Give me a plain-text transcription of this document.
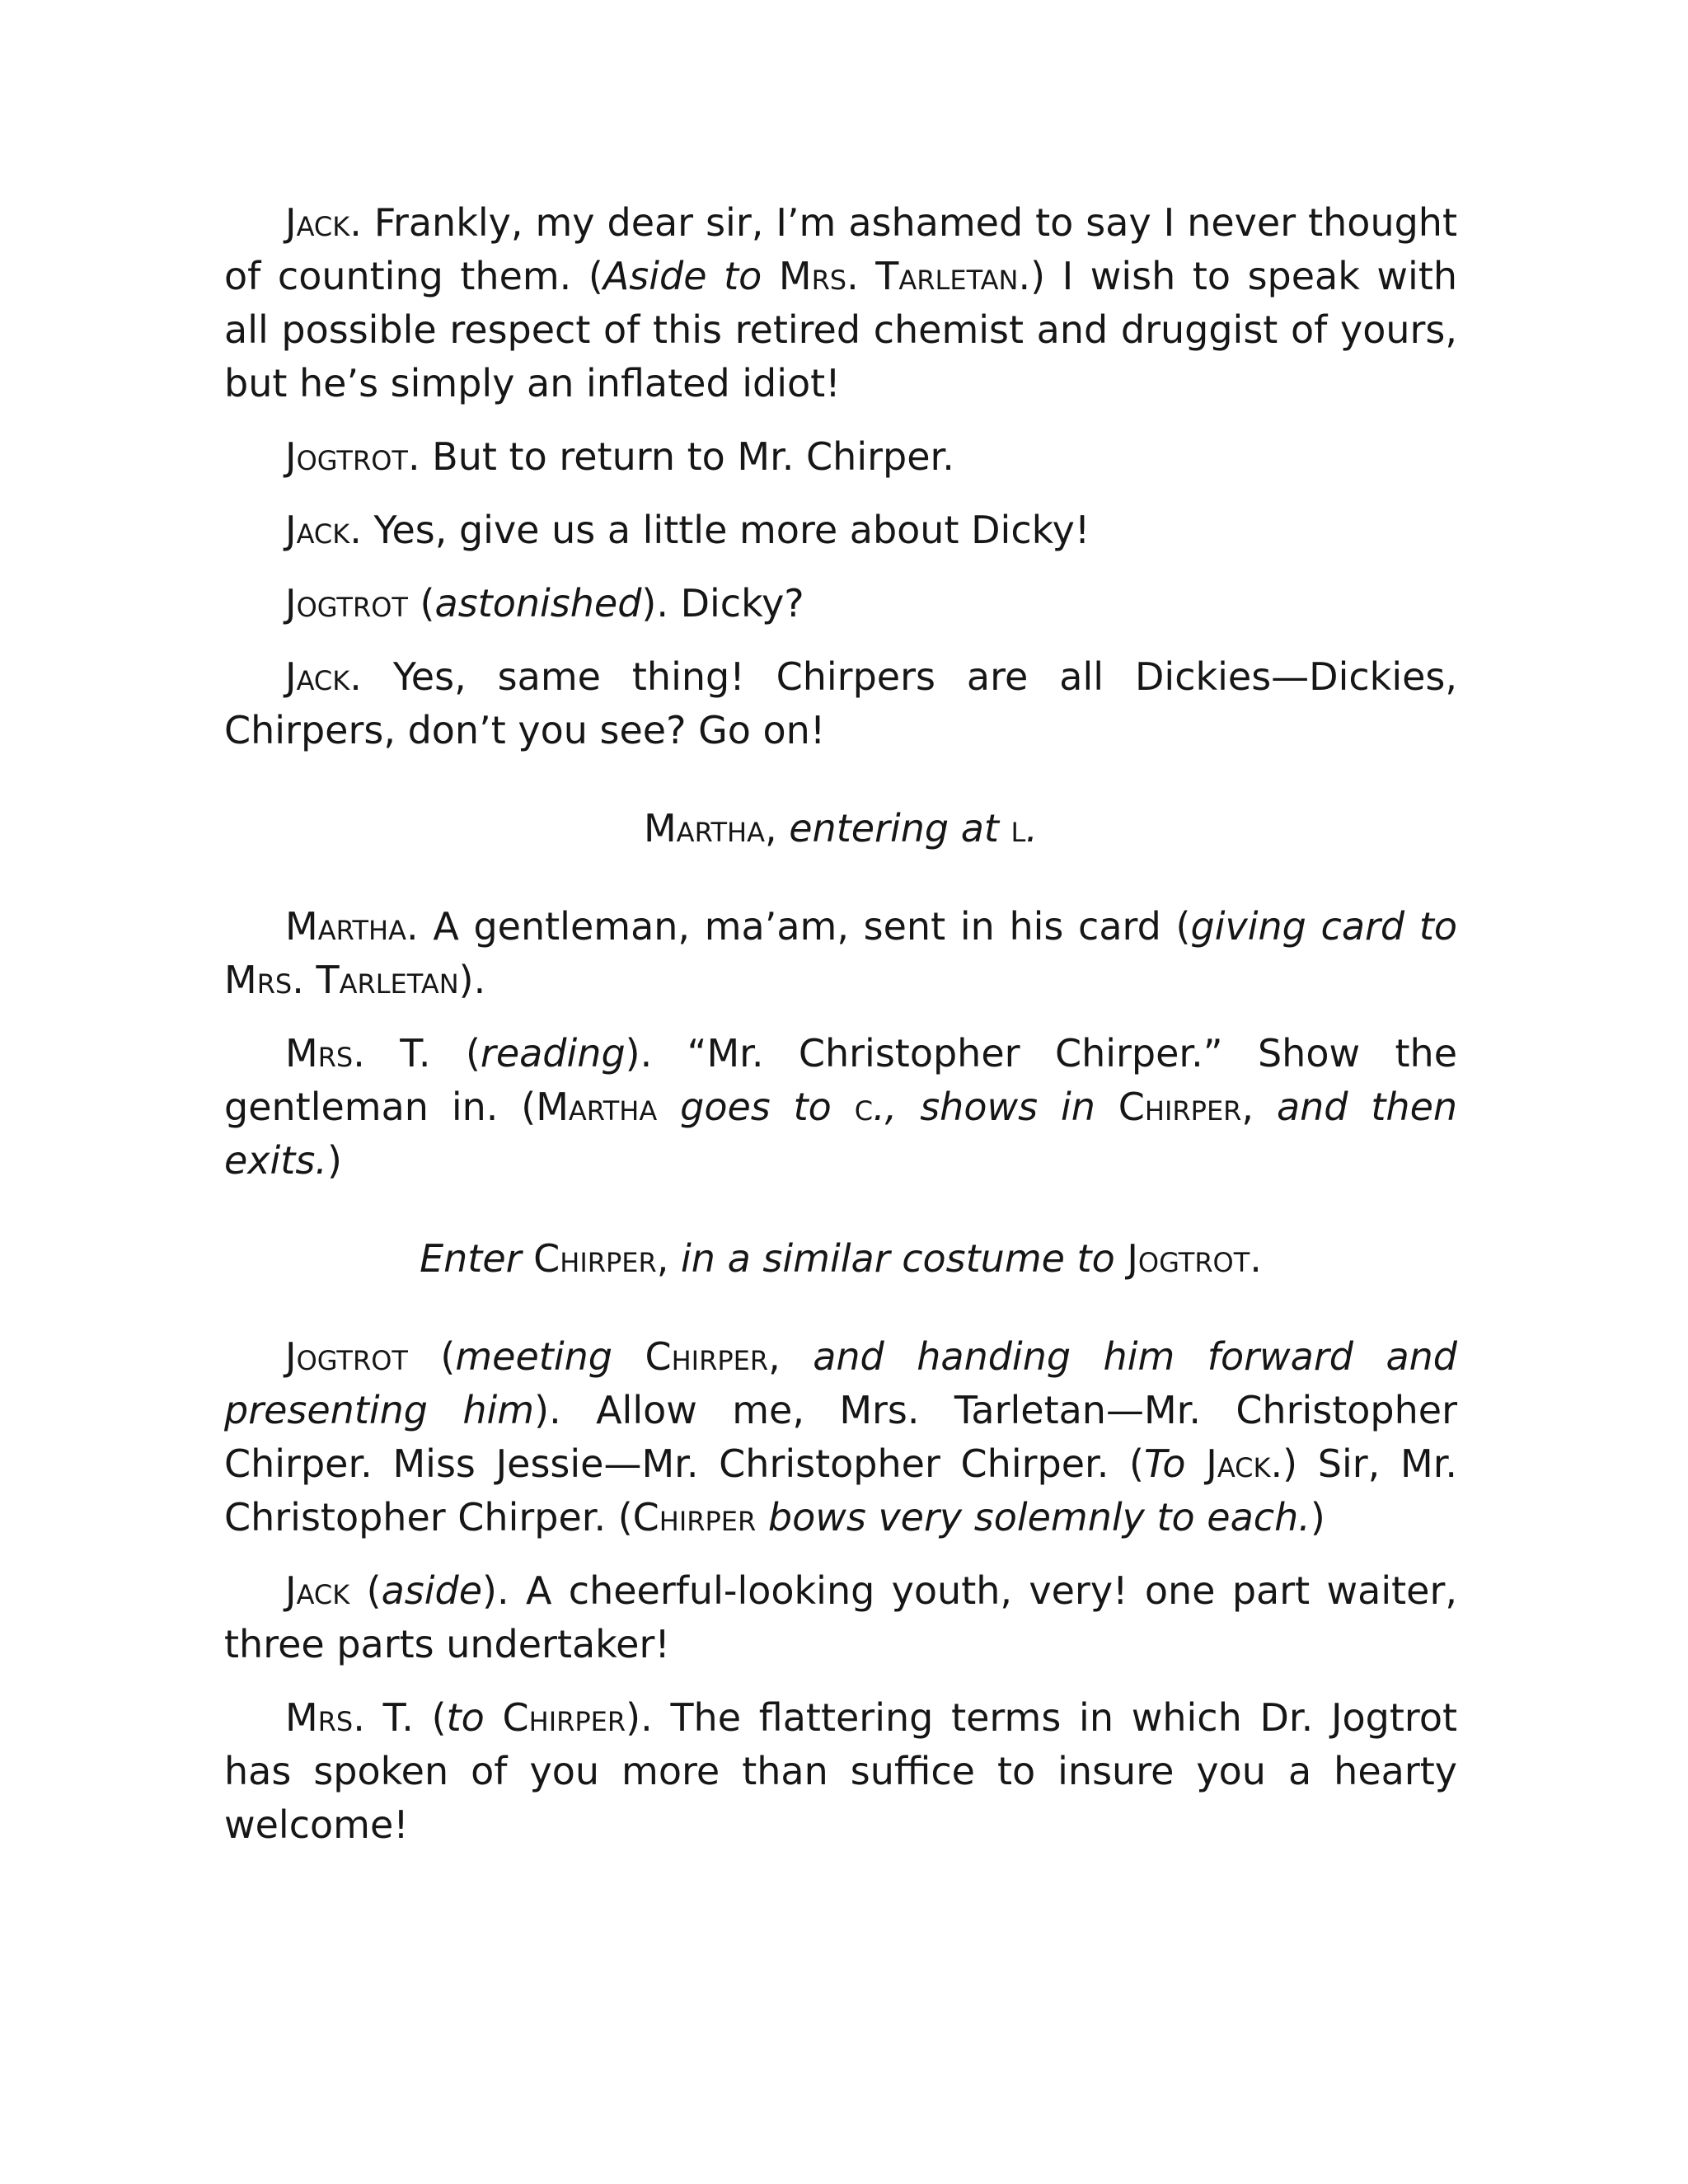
Jack. Frankly, my dear sir, I’m ashamed to say I never thought of counting them. (Aside to Mrs. Tarletan.) I wish to speak with all possible respect of this retired chemist and druggist of yours, but he’s simply an inflated idiot!

Jogtrot. But to return to Mr. Chirper.

Jack. Yes, give us a little more about Dicky!

Jogtrot (astonished). Dicky?

Jack. Yes, same thing! Chirpers are all Dickies—Dickies, Chirpers, don’t you see? Go on!

Martha, entering at l.

Martha. A gentleman, ma’am, sent in his card (giving card to Mrs. Tarletan).

Mrs. T. (reading). “Mr. Christopher Chirper.” Show the gentleman in. (Martha goes to c., shows in Chirper, and then exits.)

Enter Chirper, in a similar costume to Jogtrot.

Jogtrot (meeting Chirper, and handing him forward and presenting him). Allow me, Mrs. Tarletan—Mr. Christopher Chirper. Miss Jessie—Mr. Christopher Chirper. (To Jack.) Sir, Mr. Christopher Chirper. (Chirper bows very solemnly to each.)

Jack (aside). A cheerful-looking youth, very! one part waiter, three parts undertaker!

Mrs. T. (to Chirper). The flattering terms in which Dr. Jogtrot has spoken of you more than suffice to insure you a hearty welcome!
